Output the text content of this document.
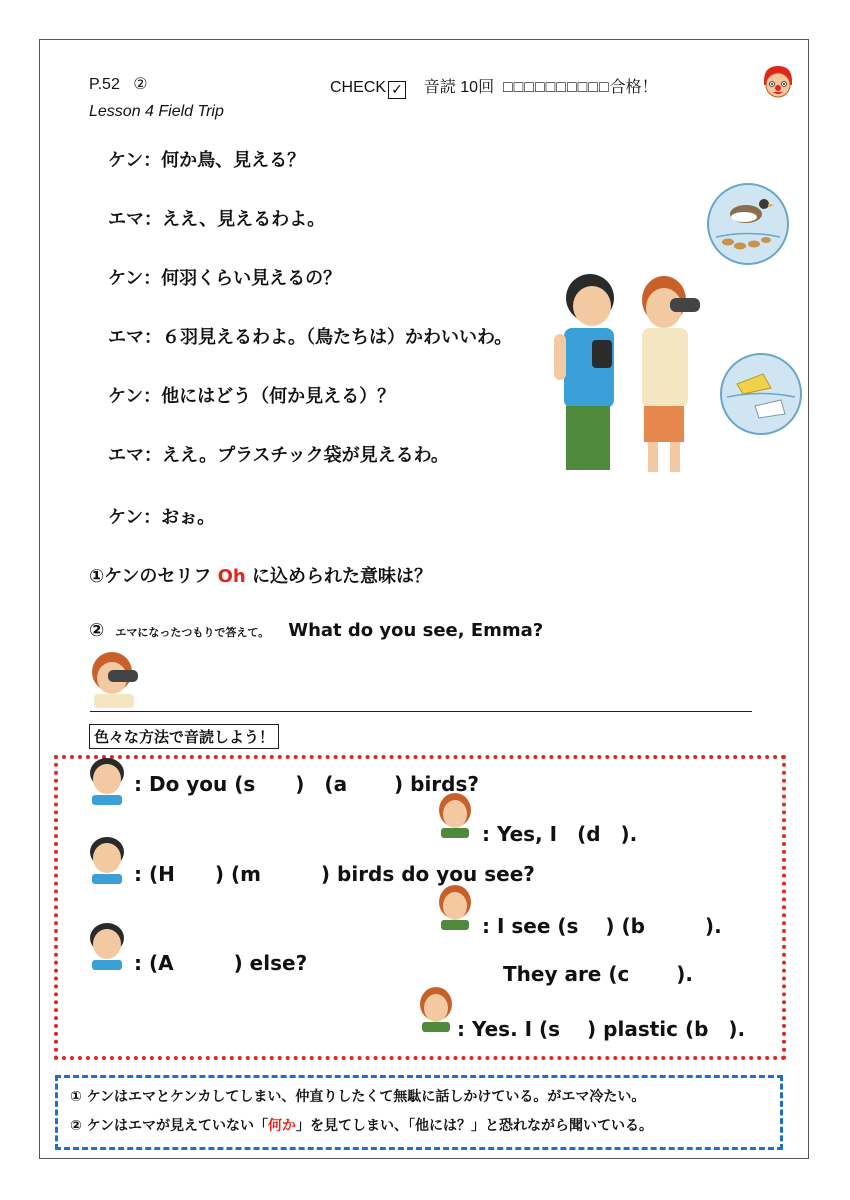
P.52 ②	CHECK ✓ 音読 10回 □□□□□□□□□□合格！
Lesson 4 Field Trip
ケン：何か鳥、見える？
エマ：ええ、見えるわよ。
ケン：何羽くらい見えるの？
エマ：６羽見えるわよ。（鳥たちは）かわいいわ。
ケン：他にはどう（何か見える）？
エマ：ええ。プラスチック袋が見えるわ。
ケン：おぉ。
①ケンのセリフ Oh に込められた意味は？
② エマになったつもりで答えて。 What do you see, Emma?
色々な方法で音読しよう！
: Do you (s　　)　(a　　 ) birds?
: Yes, I　(d　).
: (H　　) (m　　　) birds do you see?
: I see (s　 ) (b　　　).
They are (c　　 ).
: (A　　　) else?
: Yes. I (s　 ) plastic (b　).
① ケンはエマとケンカしてしまい、仲直りしたくて無駄に話しかけている。がエマ冷たい。
② ケンはエマが見えていない「何か」を見てしまい、「他には？」と恐れながら聞いている。
